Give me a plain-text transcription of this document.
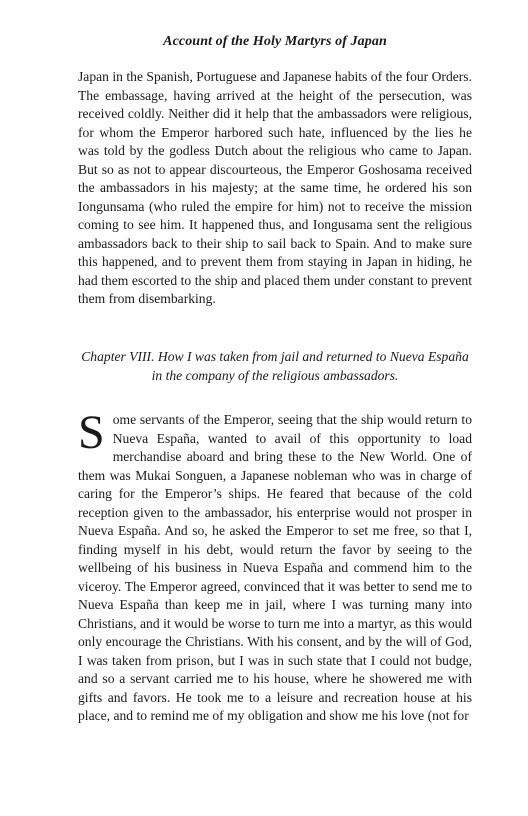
Account of the Holy Martyrs of Japan

Japan in the Spanish, Portuguese and Japanese habits of the four Orders. The embassage, having arrived at the height of the persecution, was received coldly. Neither did it help that the ambassadors were religious, for whom the Emperor harbored such hate, influenced by the lies he was told by the godless Dutch about the religious who came to Japan. But so as not to appear discourteous, the Emperor Goshosama received the ambassadors in his majesty; at the same time, he ordered his son Iongunsama (who ruled the empire for him) not to receive the mission coming to see him. It happened thus, and Iongusama sent the religious ambassadors back to their ship to sail back to Spain. And to make sure this happened, and to prevent them from staying in Japan in hiding, he had them escorted to the ship and placed them under constant to prevent them from disembarking.

Chapter VIII. How I was taken from jail and returned to Nueva España in the company of the religious ambassadors.

Some servants of the Emperor, seeing that the ship would return to Nueva España, wanted to avail of this opportunity to load merchandise aboard and bring these to the New World. One of them was Mukai Songuen, a Japanese nobleman who was in charge of caring for the Emperor’s ships. He feared that because of the cold reception given to the ambassador, his enterprise would not prosper in Nueva España. And so, he asked the Emperor to set me free, so that I, finding myself in his debt, would return the favor by seeing to the wellbeing of his business in Nueva España and commend him to the viceroy. The Emperor agreed, convinced that it was better to send me to Nueva España than keep me in jail, where I was turning many into Christians, and it would be worse to turn me into a martyr, as this would only encourage the Christians. With his consent, and by the will of God, I was taken from prison, but I was in such state that I could not budge, and so a servant carried me to his house, where he showered me with gifts and favors. He took me to a leisure and recreation house at his place, and to remind me of my obligation and show me his love (not for
